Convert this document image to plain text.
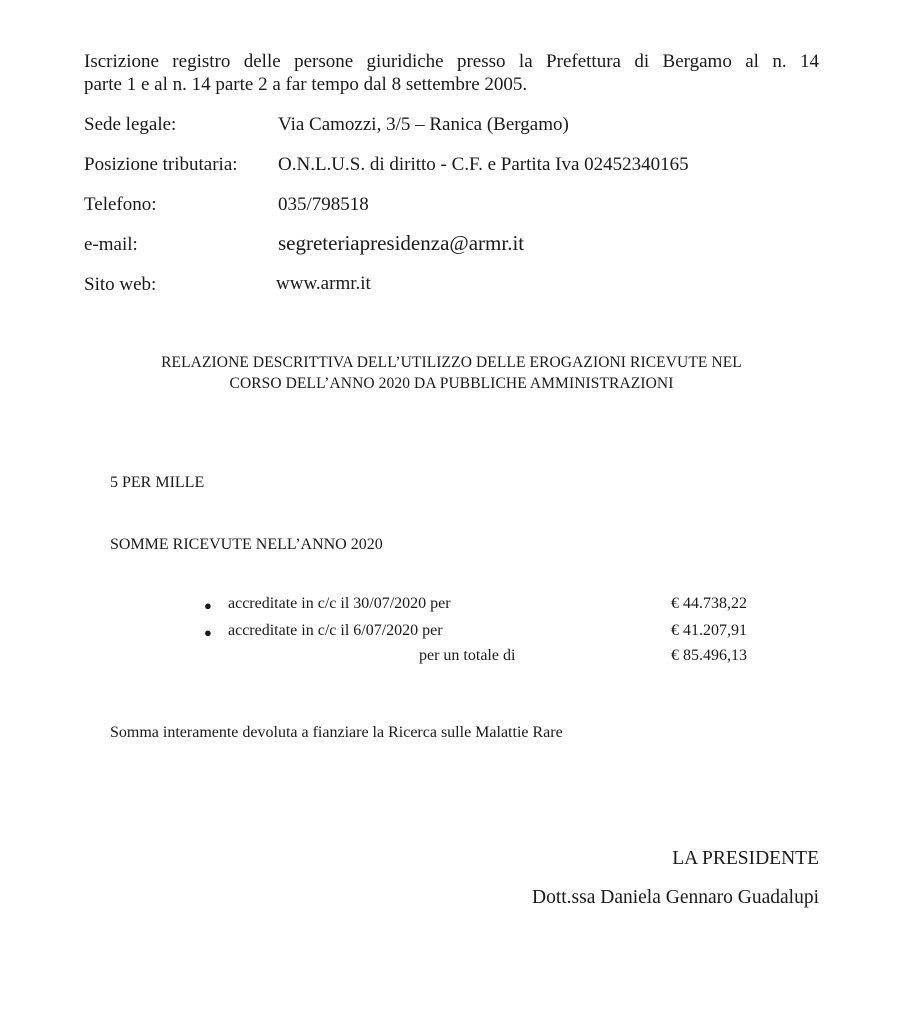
Iscrizione registro delle persone giuridiche presso la Prefettura di Bergamo al n. 14
parte 1 e al n. 14 parte 2 a far tempo dal 8 settembre 2005.
Sede legale:	Via Camozzi, 3/5 – Ranica (Bergamo)
Posizione tributaria: O.N.L.U.S. di diritto - C.F. e Partita Iva 02452340165
Telefono:	035/798518
e-mail:	segreteriapresidenza@armr.it
Sito web:	www.armr.it
RELAZIONE DESCRITTIVA DELL’UTILIZZO DELLE EROGAZIONI RICEVUTE NEL
CORSO DELL’ANNO 2020 DA PUBBLICHE AMMINISTRAZIONI
5 PER MILLE
SOMME RICEVUTE NELL’ANNO 2020
● accreditate in c/c il 30/07/2020 per	€ 44.738,22
● accreditate in c/c il 6/07/2020 per	€ 41.207,91
per un totale di	€ 85.496,13
Somma interamente devoluta a fianziare la Ricerca sulle Malattie Rare
LA PRESIDENTE
Dott.ssa Daniela Gennaro Guadalupi
